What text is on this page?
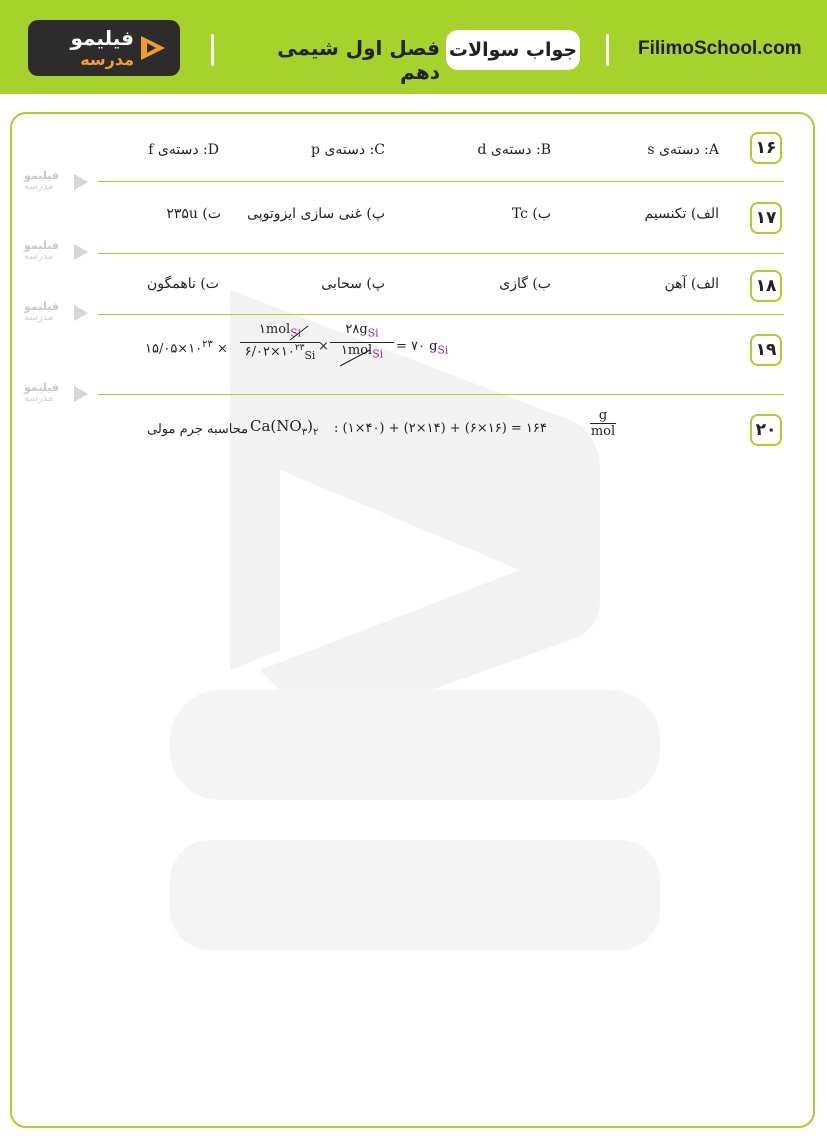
فیلیمو
مدرسه	فصل اول شیمی دهم
جواب سوالات	FilimoSchool.com
فیلیمو
مدرسه
فیلیمو
مدرسه
فیلیمو
مدرسه
فیلیمو
مدرسه
۱۶
A: دسته‌ی s
B: دسته‌ی d
C: دسته‌ی p
D: دسته‌ی f
۱۷
الف) تکنسیم
ب) Tc
پ) غنی سازی ایزوتوپی
ت) ۲۳۵u
۱۸
الف) آهن
ب) گازی
پ) سحابی
ت) ناهمگون
۱۹
$۱۵/۰۵\times ۱۰^{۲۳}$ ×
۱mol$_{Si}$
$۶/۰۲\times ۱۰^{۲۳}_{Si}$
×
$۲۸g_{Si}$
۱mol$_{Si}$ = ۷۰ $g_{Si}$
۲۰
محاسبه جرم مولی $Ca(NO_۳)_۲$ : (۱×۴۰) + (۲×۱۴) + (۶×۱۶) = ۱۶۴
g
mol
